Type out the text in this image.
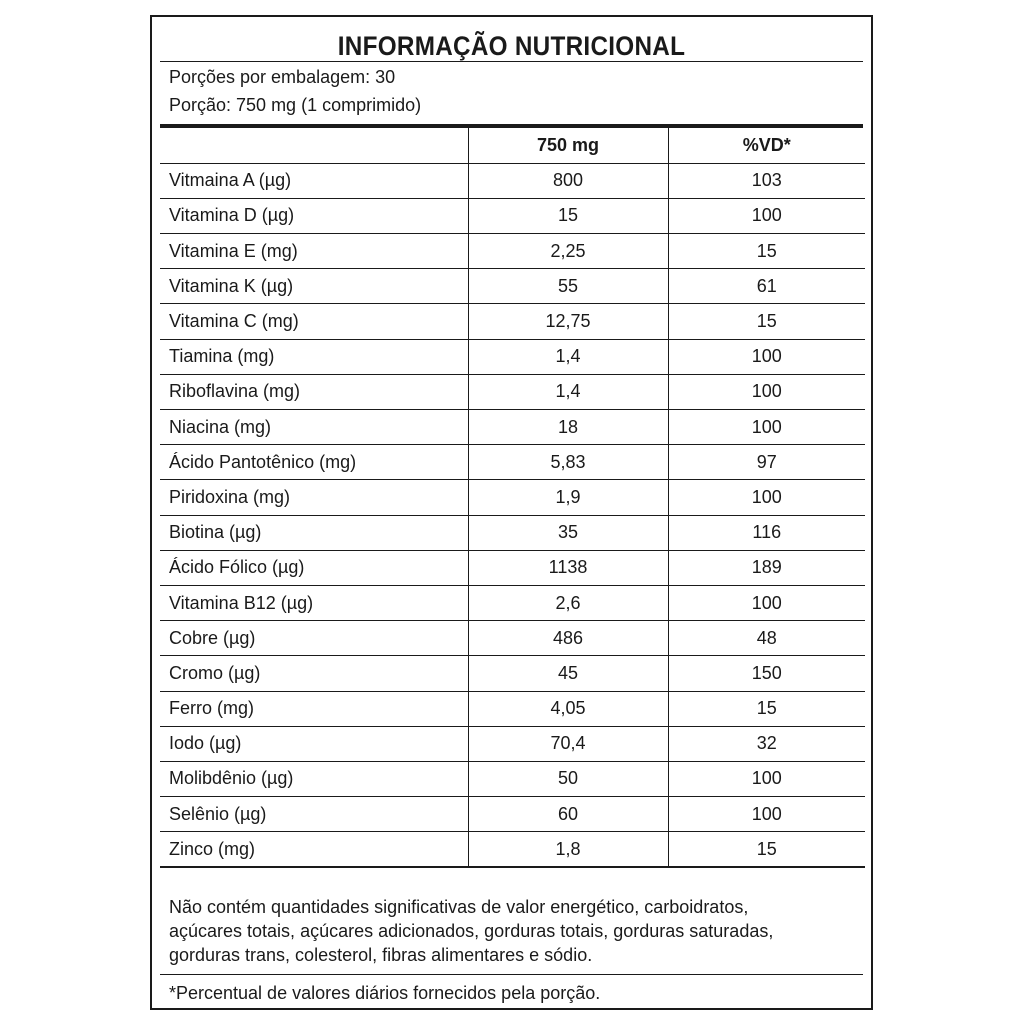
INFORMAÇÃO NUTRICIONAL
Porções por embalagem: 30
Porção: 750 mg (1 comprimido)
	750 mg	%VD*
Vitmaina A (µg)	800	103
Vitamina D (µg)	15	100
Vitamina E (mg)	2,25	15
Vitamina K (µg)	55	61
Vitamina C (mg)	12,75	15
Tiamina (mg)	1,4	100
Riboflavina (mg)	1,4	100
Niacina (mg)	18	100
Ácido Pantotênico (mg)	5,83	97
Piridoxina (mg)	1,9	100
Biotina (µg)	35	116
Ácido Fólico (µg)	1138	189
Vitamina B12 (µg)	2,6	100
Cobre (µg)	486	48
Cromo (µg)	45	150
Ferro (mg)	4,05	15
Iodo (µg)	70,4	32
Molibdênio (µg)	50	100
Selênio (µg)	60	100
Zinco (mg)	1,8	15
Não contém quantidades significativas de valor energético, carboidratos,
açúcares totais, açúcares adicionados, gorduras totais, gorduras saturadas,
gorduras trans, colesterol, fibras alimentares e sódio.
*Percentual de valores diários fornecidos pela porção.
